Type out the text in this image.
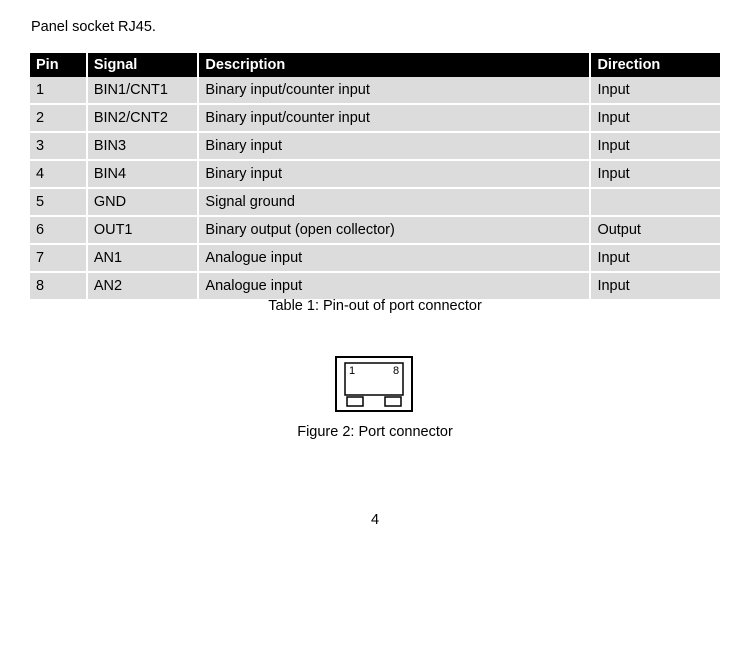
Panel socket RJ45.
Pin	Signal	Description	Direction
1	BIN1/CNT1	Binary input/counter input	Input
2	BIN2/CNT2	Binary input/counter input	Input
3	BIN3	Binary input	Input
4	BIN4	Binary input	Input
5	GND	Signal ground	
6	OUT1	Binary output (open collector)	Output
7	AN1	Analogue input	Input
8	AN2	Analogue input	Input
Table 1: Pin-out of port connector
1	8
Figure 2: Port connector
4
